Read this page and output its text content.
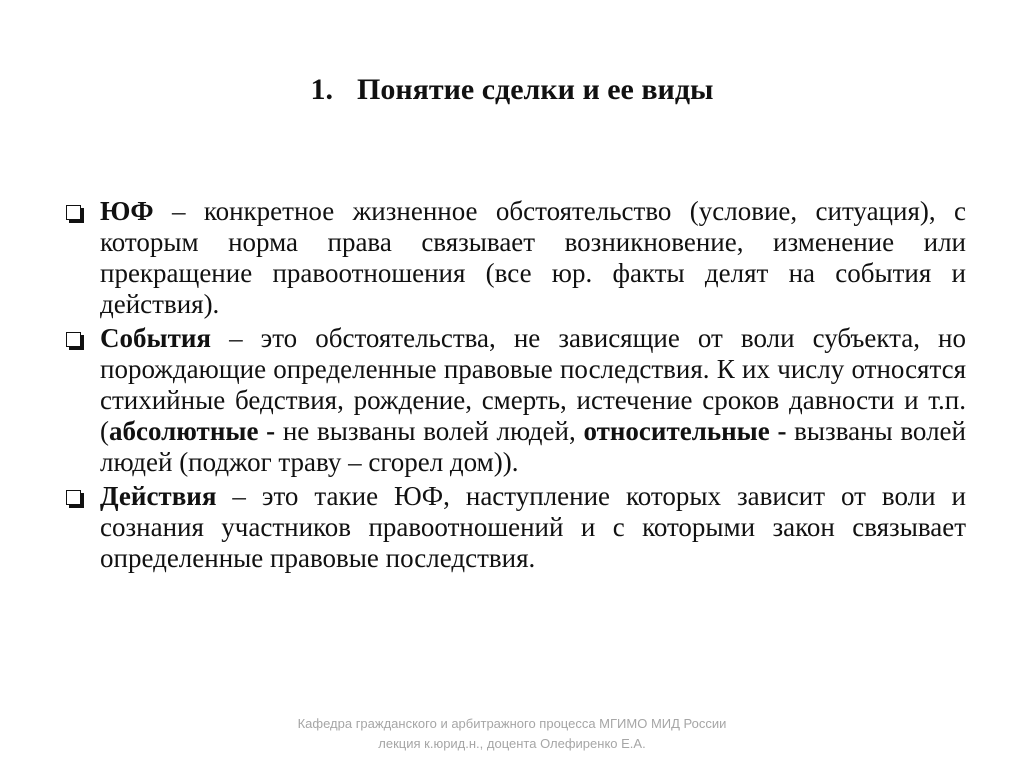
1. Понятие сделки и ее виды
ЮФ – конкретное жизненное обстоятельство (условие, ситуация), с которым норма права связывает возникновение, изменение или прекращение правоотношения (все юр. факты делят на события и действия).
События – это обстоятельства, не зависящие от воли субъекта, но порождающие определенные правовые последствия. К их числу относятся стихийные бедствия, рождение, смерть, истечение сроков давности и т.п. (абсолютные - не вызваны волей людей, относительные - вызваны волей людей (поджог траву – сгорел дом)).
Действия – это такие ЮФ, наступление которых зависит от воли и сознания участников правоотношений и с которыми закон связывает определенные правовые последствия.
Кафедра гражданского и арбитражного процесса МГИМО МИД России
лекция к.юрид.н., доцента Олефиренко Е.А.
